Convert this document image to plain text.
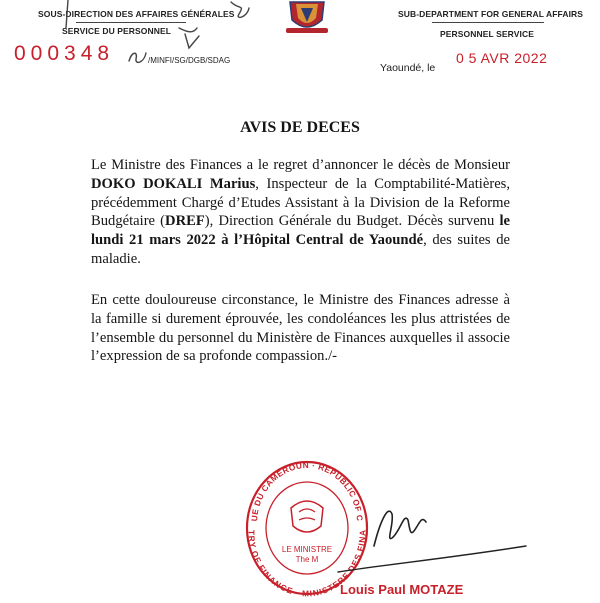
SOUS-DIRECTION DES AFFAIRES GÉNÉRALES
SERVICE DU PERSONNEL
000348	/MINFI/SG/DGB/SDAG
SUB-DEPARTMENT FOR GENERAL AFFAIRS
PERSONNEL SERVICE
Yaoundé, le
0 5 AVR 2022
AVIS DE DECES
Le Ministre des Finances a le regret d’annoncer le décès de Monsieur DOKO DOKALI Marius, Inspecteur de la Comptabilité-Matières, précédemment Chargé d’Etudes Assistant à la Division de la Reforme Budgétaire (DREF), Direction Générale du Budget. Décès survenu le lundi 21 mars 2022 à l’Hôpital Central de Yaoundé, des suites de maladie.
En cette douloureuse circonstance, le Ministre des Finances adresse à la famille si durement éprouvée, les condoléances les plus attristées de l’ensemble du personnel du Ministère de Finances auxquelles il associe l’expression de sa profonde compassion./-
UE DU CAMEROUN · REPUBLIC OF C
TRY OF FINANCE · MINISTERE DES FINA
LE MINISTRE
The M
Louis Paul MOTAZE
